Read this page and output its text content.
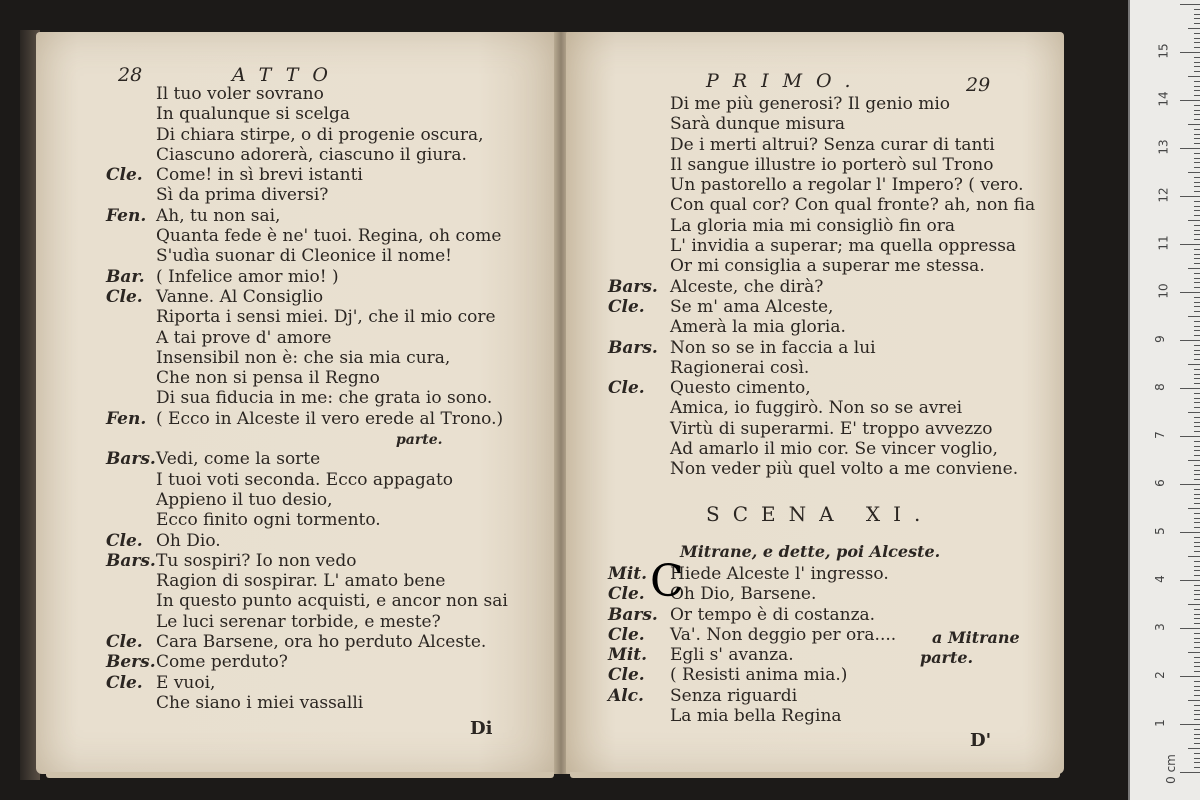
28	ATTO
Il tuo voler sovrano
In qualunque si scelga
Di chiara stirpe, o di progenie oscura,
Ciascuno adorerà, ciascuno il giura.
Cle. Come! in sì brevi istanti
Sì da prima diversi?
Fen. Ah, tu non sai,
Quanta fede è ne' tuoi. Regina, oh come
S'udìa suonar di Cleonice il nome!
Bar. ( Infelice amor mio! )
Cle. Vanne. Al Consiglio
Riporta i sensi miei. Dj', che il mio core
A tai prove d' amore
Insensibil non è: che sia mia cura,
Che non si pensa il Regno
Di sua fiducia in me: che grata io sono.
Fen. ( Ecco in Alceste il vero erede al Trono.)
parte.
Bars.Vedi, come la sorte
I tuoi voti seconda. Ecco appagato
Appieno il tuo desio,
Ecco finito ogni tormento.
Cle. Oh Dio.
Bars.Tu sospiri? Io non vedo
Ragion di sospirar. L' amato bene
In questo punto acquisti, e ancor non sai
Le luci serenar torbide, e meste?
Cle. Cara Barsene, ora ho perduto Alceste.
Bers.Come perduto?
Cle. E vuoi,
Che siano i miei vassalli
Di
PRIMO.	29
Di me più generosi? Il genio mio
Sarà dunque misura
De i merti altrui? Senza curar di tanti
Il sangue illustre io porterò sul Trono
Un pastorello a regolar l' Impero? ( vero.
Con qual cor? Con qual fronte? ah, non fia
La gloria mia mi consigliò fin ora
L' invidia a superar; ma quella oppressa
Or mi consiglia a superar me stessa.
Bars. Alceste, che dirà?
Cle. Se m' ama Alceste,
Amerà la mia gloria.
Bars. Non so se in faccia a lui
Ragionerai così.
Cle. Questo cimento,
Amica, io fuggirò. Non so se avrei
Virtù di superarmi. E' troppo avvezzo
Ad amarlo il mio cor. Se vincer voglio,
Non veder più quel volto a me conviene.
SCENA XI.
Mitrane, e dette, poi Alceste.
Mit. Hiede Alceste l' ingresso.
Cle. Oh Dio, Barsene.
Bars. Or tempo è di costanza.
Cle. Va'. Non deggio per ora....
Mit. Egli s' avanza.
Cle. ( Resisti anima mia.)
Alc. Senza riguardi
La mia bella Regina
a Mitrane
parte.
D'
C
0 cm
1
2
3
4
5
6
7
8
9
10
11
12
13
14
15
